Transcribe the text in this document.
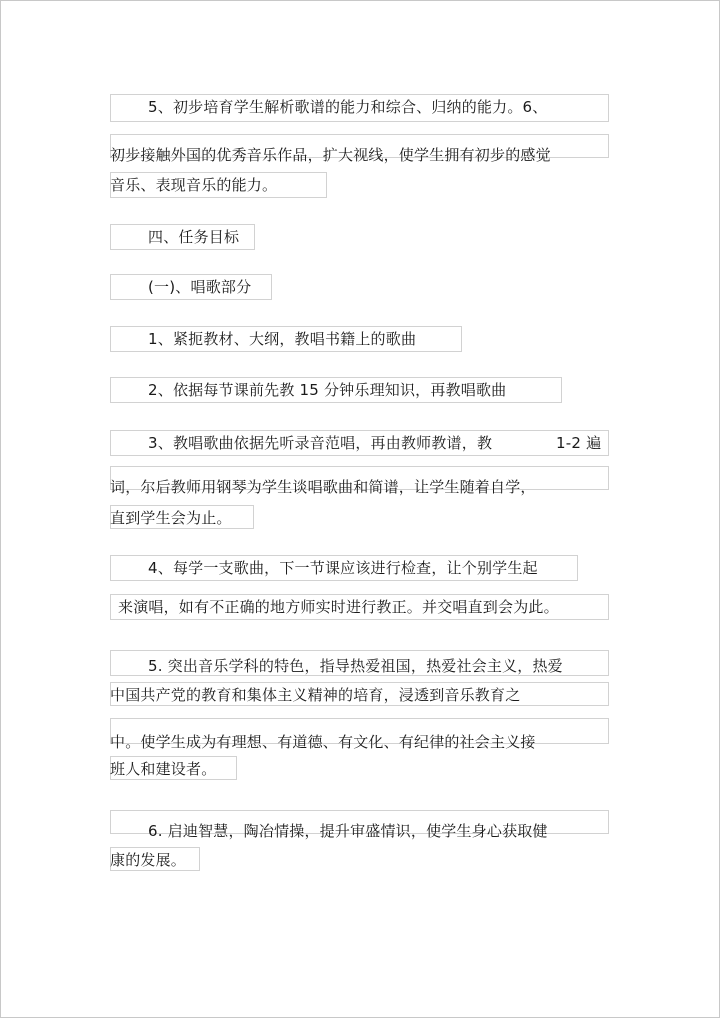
5、初步培育学生解析歌谱的能力和综合、归纳的能力。6、
初步接触外国的优秀音乐作品，扩大视线，使学生拥有初步的感觉
音乐、表现音乐的能力。
四、任务目标
(一)、唱歌部分
1、紧扼教材、大纲，教唱书籍上的歌曲
2、依据每节课前先教 15 分钟乐理知识，再教唱歌曲
3、教唱歌曲依据先听录音范唱，再由教师教谱，教	1-2 遍
词，尔后教师用钢琴为学生谈唱歌曲和简谱，让学生随着自学，
直到学生会为止。
4、每学一支歌曲，下一节课应该进行检查，让个别学生起
来演唱，如有不正确的地方师实时进行教正。并交唱直到会为此。
5. 突出音乐学科的特色，指导热爱祖国，热爱社会主义，热爱
中国共产党的教育和集体主义精神的培育，浸透到音乐教育之
中。使学生成为有理想、有道德、有文化、有纪律的社会主义接
班人和建设者。
6. 启迪智慧，陶冶情操，提升审盛情识，使学生身心获取健
康的发展。
